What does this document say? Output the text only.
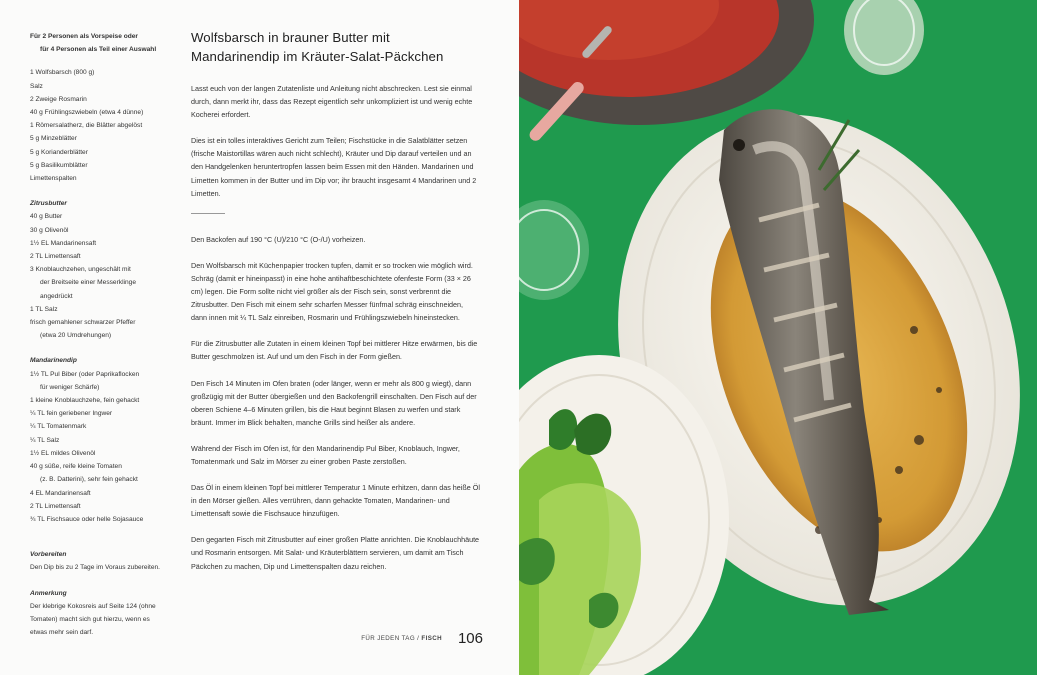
Für 2 Personen als Vorspeise oder
für 4 Personen als Teil einer Auswahl
1 Wolfsbarsch (800 g)
Salz
2 Zweige Rosmarin
40 g Frühlingszwiebeln (etwa 4 dünne)
1 Römersalatherz, die Blätter abgelöst
5 g Minzeblätter
5 g Korianderblätter
5 g Basilikumblätter
Limettenspalten
Zitrusbutter
40 g Butter
30 g Olivenöl
1½ EL Mandarinensaft
2 TL Limettensaft
3 Knoblauchzehen, ungeschält mit
der Breitseite einer Messerklinge
angedrückt
1 TL Salz
frisch gemahlener schwarzer Pfeffer
(etwa 20 Umdrehungen)
Mandarinendip
1½ TL Pul Biber (oder Paprikaflocken
für weniger Schärfe)
1 kleine Knoblauchzehe, fein gehackt
¼ TL fein geriebener Ingwer
¼ TL Tomatenmark
¼ TL Salz
1½ EL mildes Olivenöl
40 g süße, reife kleine Tomaten
(z. B. Datterini), sehr fein gehackt
4 EL Mandarinensaft
2 TL Limettensaft
¾ TL Fischsauce oder helle Sojasauce
Vorbereiten
Den Dip bis zu 2 Tage im Voraus zubereiten.
Anmerkung
Der klebrige Kokosreis auf Seite 124 (ohne Tomaten) macht sich gut hierzu, wenn es etwas mehr sein darf.
Wolfsbarsch in brauner Butter mit Mandarinendip im Kräuter-Salat-Päckchen

Lasst euch von der langen Zutatenliste und Anleitung nicht abschrecken. Lest sie einmal durch, dann merkt ihr, dass das Rezept eigentlich sehr unkompliziert ist und wenig echte Kocherei erfordert.

Dies ist ein tolles interaktives Gericht zum Teilen; Fischstücke in die Salatblätter setzen (frische Maistortillas wären auch nicht schlecht), Kräuter und Dip darauf verteilen und an den Handgelenken heruntertropfen lassen beim Essen mit den Händen. Mandarinen und Limetten kommen in der Butter und im Dip vor; ihr braucht insgesamt 4 Mandarinen und 2 Limetten.

Den Backofen auf 190 °C (U)/210 °C (O-/U) vorheizen.

Den Wolfsbarsch mit Küchenpapier trocken tupfen, damit er so trocken wie möglich wird. Schräg (damit er hineinpasst) in eine hohe antihaftbeschichtete ofenfeste Form (33 × 26 cm) legen. Die Form sollte nicht viel größer als der Fisch sein, sonst verbrennt die Zitrusbutter. Den Fisch mit einem sehr scharfen Messer fünfmal schräg einschneiden, dann innen mit ¼ TL Salz einreiben, Rosmarin und Frühlingszwiebeln hineinstecken.

Für die Zitrusbutter alle Zutaten in einem kleinen Topf bei mittlerer Hitze erwärmen, bis die Butter geschmolzen ist. Auf und um den Fisch in der Form gießen.

Den Fisch 14 Minuten im Ofen braten (oder länger, wenn er mehr als 800 g wiegt), dann großzügig mit der Butter übergießen und den Backofengrill einschalten. Den Fisch auf der oberen Schiene 4–6 Minuten grillen, bis die Haut beginnt Blasen zu werfen und stark bräunt. Immer im Blick behalten, manche Grills sind heißer als andere.

Während der Fisch im Ofen ist, für den Mandarinendip Pul Biber, Knoblauch, Ingwer, Tomatenmark und Salz im Mörser zu einer groben Paste zerstoßen.

Das Öl in einem kleinen Topf bei mittlerer Temperatur 1 Minute erhitzen, dann das heiße Öl in den Mörser gießen. Alles verrühren, dann gehackte Tomaten, Mandarinen- und Limettensaft sowie die Fischsauce hinzufügen.

Den gegarten Fisch mit Zitrusbutter auf einer großen Platte anrichten. Die Knoblauchhäute und Rosmarin entsorgen. Mit Salat- und Kräuterblättern servieren, um damit am Tisch Päckchen zu machen, Dip und Limettenspalten dazu reichen.

FÜR JEDEN TAG / FISCH 106
